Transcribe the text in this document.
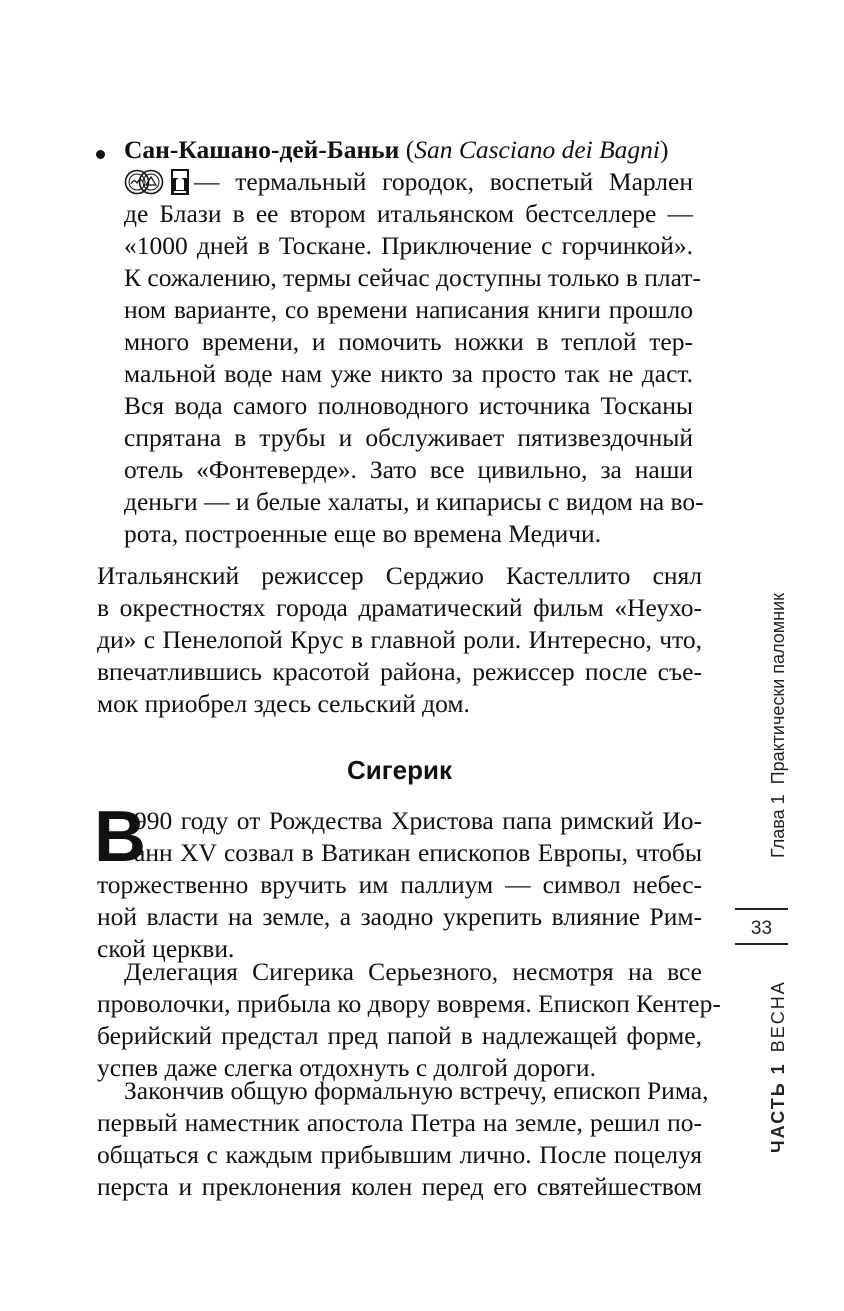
Сан-Кашано-дей-Баньи (San Casciano dei Bagni)
— термальный городок, воспетый Марлен
де Блази в ее втором итальянском бестселлере —
«1000 дней в Тоскане. Приключение с горчинкой».
К сожалению, термы сейчас доступны только в плат-
ном варианте, со времени написания книги прошло
много времени, и помочить ножки в теплой тер-
мальной воде нам уже никто за просто так не даст.
Вся вода самого полноводного источника Тосканы
спрятана в трубы и обслуживает пятизвездочный
отель «Фонтеверде». Зато все цивильно, за наши
деньги — и белые халаты, и кипарисы с видом на во-
рота, построенные еще во времена Медичи.
Итальянский режиссер Серджио Кастеллито снял
в окрестностях города драматический фильм «Неухо-
ди» с Пенелопой Крус в главной роли. Интересно, что,
впечатлившись красотой района, режиссер после съе-
мок приобрел здесь сельский дом.
Сигерик
В
990 году от Рождества Христова папа римский Ио-
анн XV созвал в Ватикан епископов Европы, чтобы
торжественно вручить им паллиум — символ небес-
ной власти на земле, а заодно укрепить влияние Рим-
ской церкви.
Делегация Сигерика Серьезного, несмотря на все
проволочки, прибыла ко двору вовремя. Епископ Кентер-
берийский предстал пред папой в надлежащей форме,
успев даже слегка отдохнуть с долгой дороги.
Закончив общую формальную встречу, епископ Рима,
первый наместник апостола Петра на земле, решил по-
общаться с каждым прибывшим лично. После поцелуя
перста и преклонения колен перед его святейшеством
Глава 1  Практически паломник
33
ЧАСТЬ 1  ВЕСНА
